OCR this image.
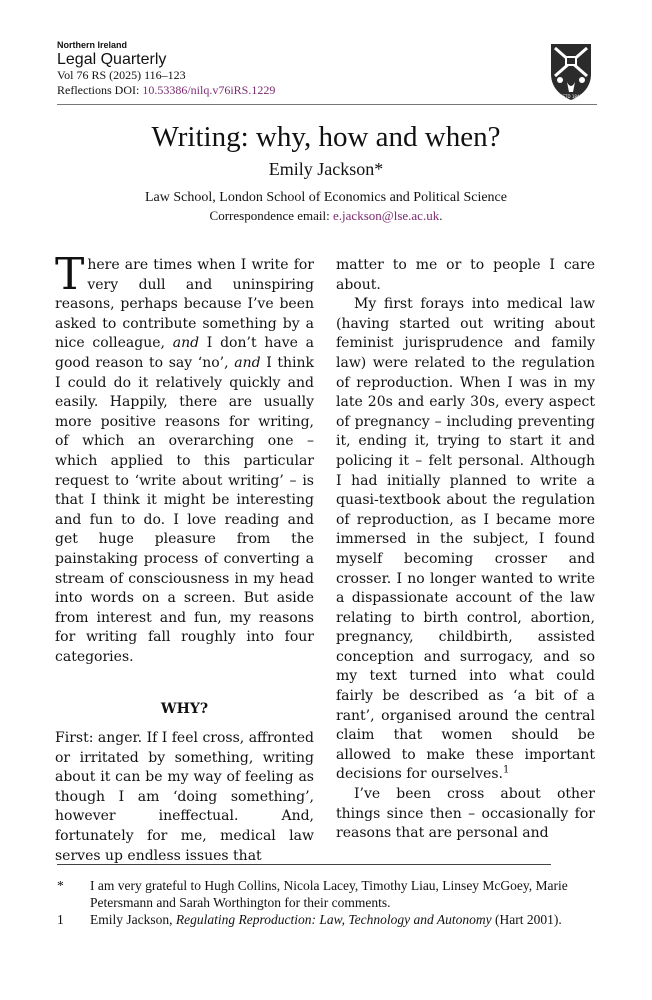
Northern Ireland
Legal Quarterly
Vol 76 RS (2025) 116–123
Reflections DOI: 10.53386/nilq.v76iRS.1229	ESTD 1845
Writing: why, how and when?
Emily Jackson*
Law School, London School of Economics and Political Science
Correspondence email: e.jackson@lse.ac.uk.

There are times when I write for very dull and uninspiring reasons, perhaps because I’ve been asked to contribute something by a nice colleague, and I don’t have a good reason to say ‘no’, and I think I could do it relatively quickly and easily. Happily, there are usually more positive reasons for writing, of which an overarching one – which applied to this particular request to ‘write about writing’ – is that I think it might be interesting and fun to do. I love reading and get huge pleasure from the painstaking process of converting a stream of consciousness in my head into words on a screen. But aside from interest and fun, my reasons for writing fall roughly into four categories.

WHY?

First: anger. If I feel cross, affronted or irritated by something, writing about it can be my way of feeling as though I am ‘doing something’, however ineffectual. And, fortunately for me, medical law serves up endless issues that

matter to me or to people I care about.

My first forays into medical law (having started out writing about feminist jurisprudence and family law) were related to the regulation of reproduction. When I was in my late 20s and early 30s, every aspect of pregnancy – including preventing it, ending it, trying to start it and policing it – felt personal. Although I had initially planned to write a quasi-textbook about the regulation of reproduction, as I became more immersed in the subject, I found myself becoming crosser and crosser. I no longer wanted to write a dispassionate account of the law relating to birth control, abortion, pregnancy, childbirth, assisted conception and surrogacy, and so my text turned into what could fairly be described as ‘a bit of a rant’, organised around the central claim that women should be allowed to make these important decisions for ourselves.$^1$

I’ve been cross about other things since then – occasionally for reasons that are personal and

*	I am very grateful to Hugh Collins, Nicola Lacey, Timothy Liau, Linsey McGoey, Marie Petersmann and Sarah Worthington for their comments.
1	Emily Jackson, Regulating Reproduction: Law, Technology and Autonomy (Hart 2001).
